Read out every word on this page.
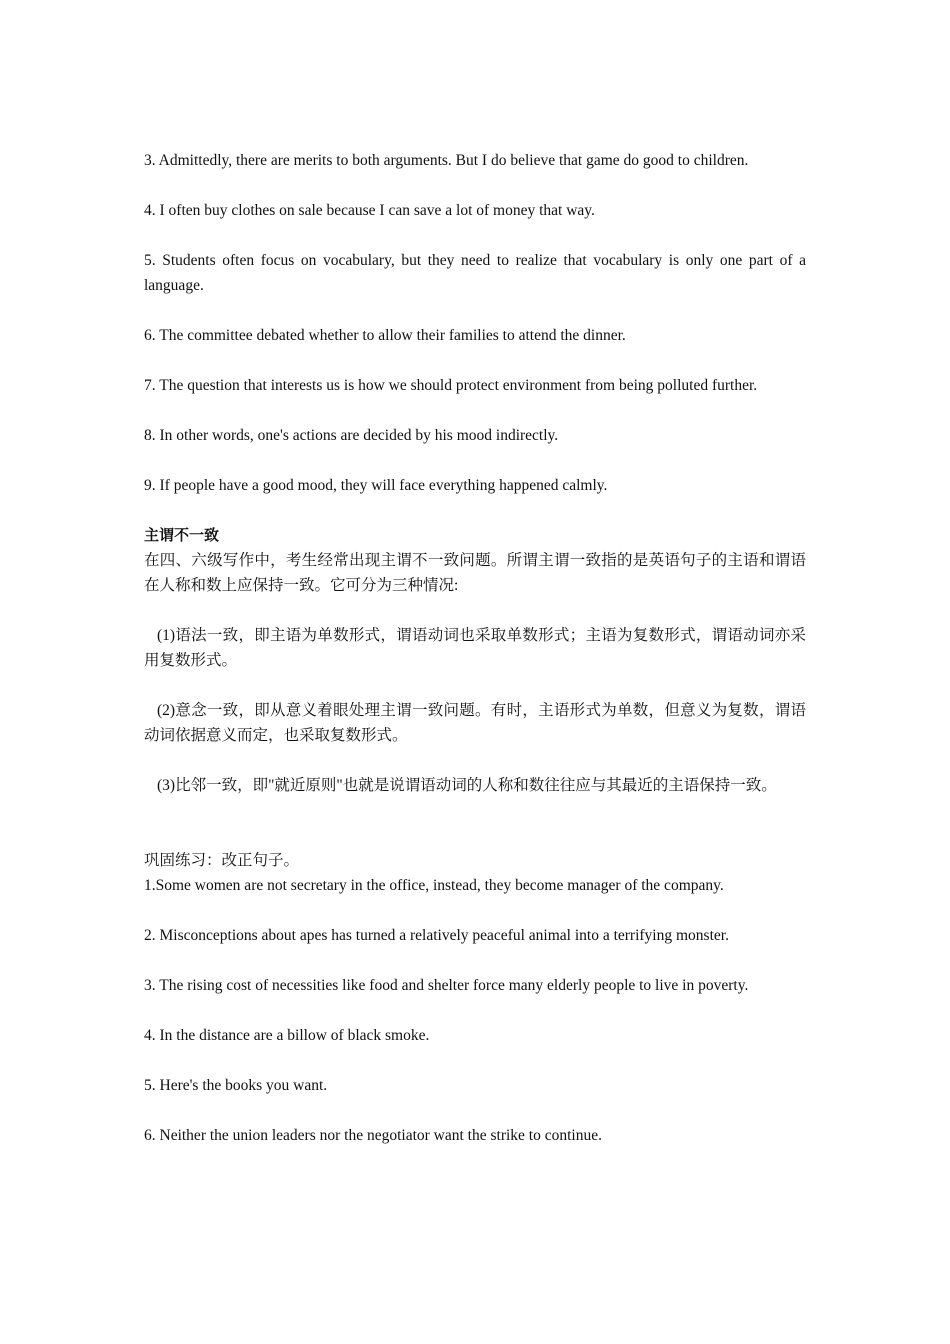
3. Admittedly, there are merits to both arguments. But I do believe that game do good to children.

4. I often buy clothes on sale because I can save a lot of money that way.

5. Students often focus on vocabulary, but they need to realize that vocabulary is only one part of a language.

6. The committee debated whether to allow their families to attend the dinner.

7. The question that interests us is how we should protect environment from being polluted further.

8. In other words, one's actions are decided by his mood indirectly.

9. If people have a good mood, they will face everything happened calmly.

主谓不一致

在四、六级写作中，考生经常出现主谓不一致问题。所谓主谓一致指的是英语句子的主语和谓语在人称和数上应保持一致。它可分为三种情况:

(1)语法一致，即主语为单数形式，谓语动词也采取单数形式；主语为复数形式，谓语动词亦采用复数形式。

(2)意念一致，即从意义着眼处理主谓一致问题。有时，主语形式为单数，但意义为复数，谓语动词依据意义而定，也采取复数形式。

(3)比邻一致，即"就近原则"也就是说谓语动词的人称和数往往应与其最近的主语保持一致。

巩固练习：改正句子。

1.Some women are not secretary in the office, instead, they become manager of the company.

2. Misconceptions about apes has turned a relatively peaceful animal into a terrifying monster.

3. The rising cost of necessities like food and shelter force many elderly people to live in poverty.

4. In the distance are a billow of black smoke.

5. Here's the books you want.

6. Neither the union leaders nor the negotiator want the strike to continue.
